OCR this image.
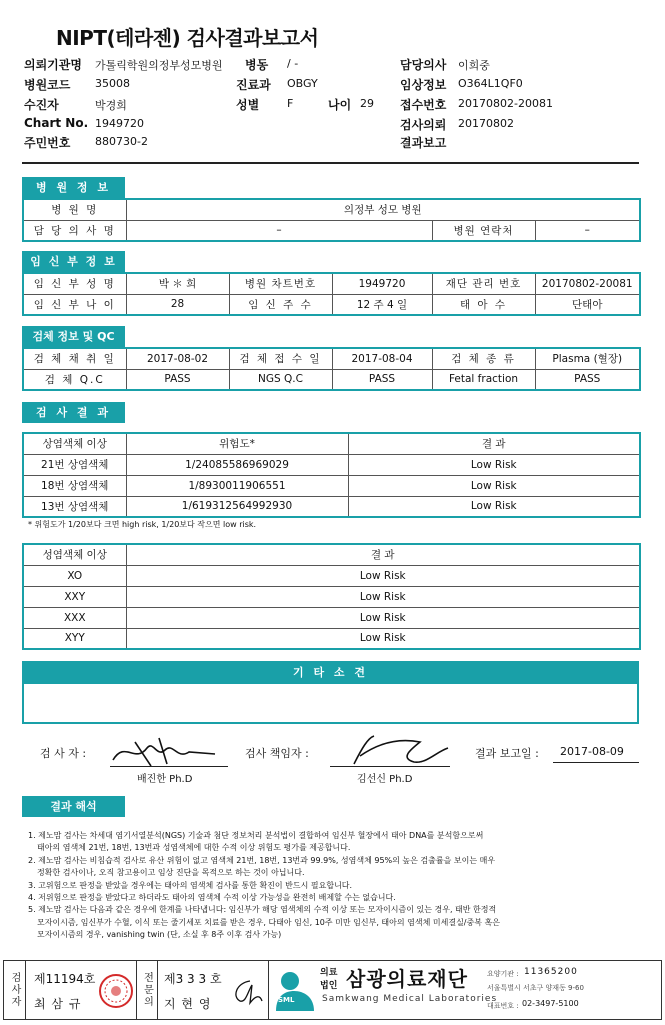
NIPT(테라젠) 검사결과보고서
의뢰기관명 가톨릭학원의정부성모병원 병동 / -	담당의사 이희중
병원코드 35008	진료과 OBGY	임상정보 O364L1QF0
수진자	박경희	성별	F	나이 29 접수번호 20170802-20081
Chart No. 1949720	검사의뢰 20170802
주민번호 880730-2	결과보고
병 원 정 보
병 원 명	의정부 성모 병원		
담 당 의 사 명	–	병원 연락처	–
임 신 부 정 보
임 신 부 성 명	박 ＊ 희	병원 차트번호	1949720	재단 관리 번호	20170802-20081
임 신 부 나 이	28	임 신 주 수	12 주 4 일	태 아 수	단태아
검체 정보 및 QC
검 체 채 취 일	2017-08-02	검 체 접 수 일	2017-08-04	검 체 종 류	Plasma (혈장)
검 체 Q.C	PASS	NGS Q.C	PASS	Fetal fraction	PASS
검 사 결 과
상염색체 이상	위험도*	결 과
21번 상염색체	1/24085586969029	Low Risk
18번 상염색체	1/8930011906551	Low Risk
13번 상염색체	1/619312564992930	Low Risk
* 위험도가 1/20보다 크면 high risk, 1/20보다 작으면 low risk.
성염색체 이상	결 과
XO	Low Risk
XXY	Low Risk
XXX	Low Risk
XYY	Low Risk
기 타 소 견
검 사 자 :
배진한 Ph.D
검사 책임자 :
김선신 Ph.D
결과 보고일 : 2017-08-09
결과 해석
1. 제노맘 검사는 차세대 염기서열분석(NGS) 기술과 첨단 정보처리 분석법이 결합하여 임신부 혈장에서 태아 DNA를 분석함으로써
태아의 염색체 21번, 18번, 13번과 성염색체에 대한 수적 이상 위험도 평가를 제공합니다.
2. 제노맘 검사는 비침습적 검사로 유산 위험이 없고 염색체 21번, 18번, 13번과 99.9%, 성염색체 95%의 높은 검출률을 보이는 매우
정확한 검사이나, 오직 참고용이고 임상 진단을 목적으로 하는 것이 아닙니다.
3. 고위험으로 판정을 받았을 경우에는 태아의 염색체 검사를 통한 확진이 반드시 필요합니다.
4. 저위험으로 판정을 받았다고 하더라도 태아의 염색체 수적 이상 가능성을 완전히 배제할 수는 없습니다.
5. 제노맘 검사는 다음과 같은 경우에 한계를 나타냅니다: 임신부가 해당 염색체의 수적 이상 또는 모자이시즘이 있는 경우, 태반 한정적
모자이시즘, 임신부가 수혈, 이식 또는 줄기세포 치료를 받은 경우, 다태아 임신, 10주 미만 임신부, 태아의 염색체 미세결실/중복 혹은
모자이시즘의 경우, vanishing twin (단, 소실 후 8주 이후 검사 가능)
검사자 제11194호
최 삼 규	전문의 제3 3 3 호
지 현 영	SML
의료
법인 삼광의료재단
Samkwang Medical Laboratories
요양기관 : 11365200
서울특별시 서초구 양재동 9-60
대표번호 : 02-3497-5100
